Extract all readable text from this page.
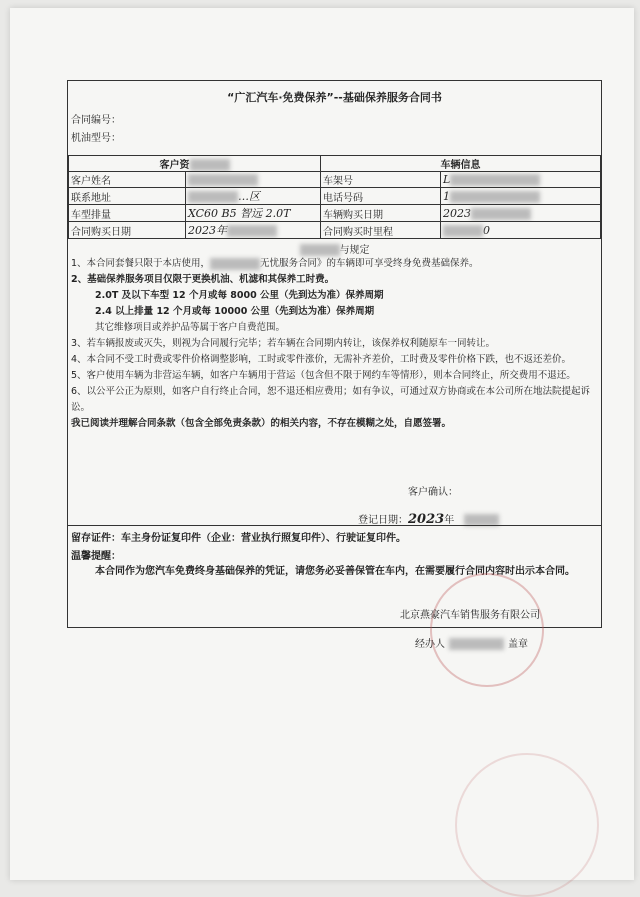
“广汇汽车·免费保养”--基础保养服务合同书
合同编号：
机油型号：
客户资		车辆信息	
客户姓名		车架号	L
联系地址	…区	电话号码	1
车型排量	XC60 B5 智远 2.0T	车辆购买日期	2023
合同购买日期	2023年	合同购买时里程	0
与规定

1、本合同套餐只限于本店使用，	无忧服务合同》的车辆即可享受终身免费基础保养。

2、基础保养服务项目仅限于更换机油、机滤和其保养工时费。

2.0T 及以下车型 12 个月或每 8000 公里（先到达为准）保养周期

2.4 以上排量 12 个月或每 10000 公里（先到达为准）保养周期

其它维修项目或养护品等属于客户自费范围。

3、若车辆报废或灭失，则视为合同履行完毕；若车辆在合同期内转让，该保养权利随原车一同转让。

4、本合同不受工时费或零件价格调整影响，工时或零件涨价，无需补齐差价，工时费及零件价格下跌，也不返还差价。

5、客户使用车辆为非营运车辆，如客户车辆用于营运（包含但不限于网约车等情形），则本合同终止，所交费用不退还。

6、以公平公正为原则，如客户自行终止合同，恕不退还相应费用；如有争议，可通过双方协商或在本公司所在地法院提起诉讼。

我已阅读并理解合同条款（包含全部免责条款）的相关内容，不存在模糊之处，自愿签署。

客户确认：
登记日期：2023年
留存证件：车主身份证复印件（企业：营业执行照复印件）、行驶证复印件。
温馨提醒：
本合同作为您汽车免费终身基础保养的凭证，请您务必妥善保管在车内，在需要履行合同内容时出示本合同。
北京燕豪汽车销售服务有限公司
经办人	盖章
